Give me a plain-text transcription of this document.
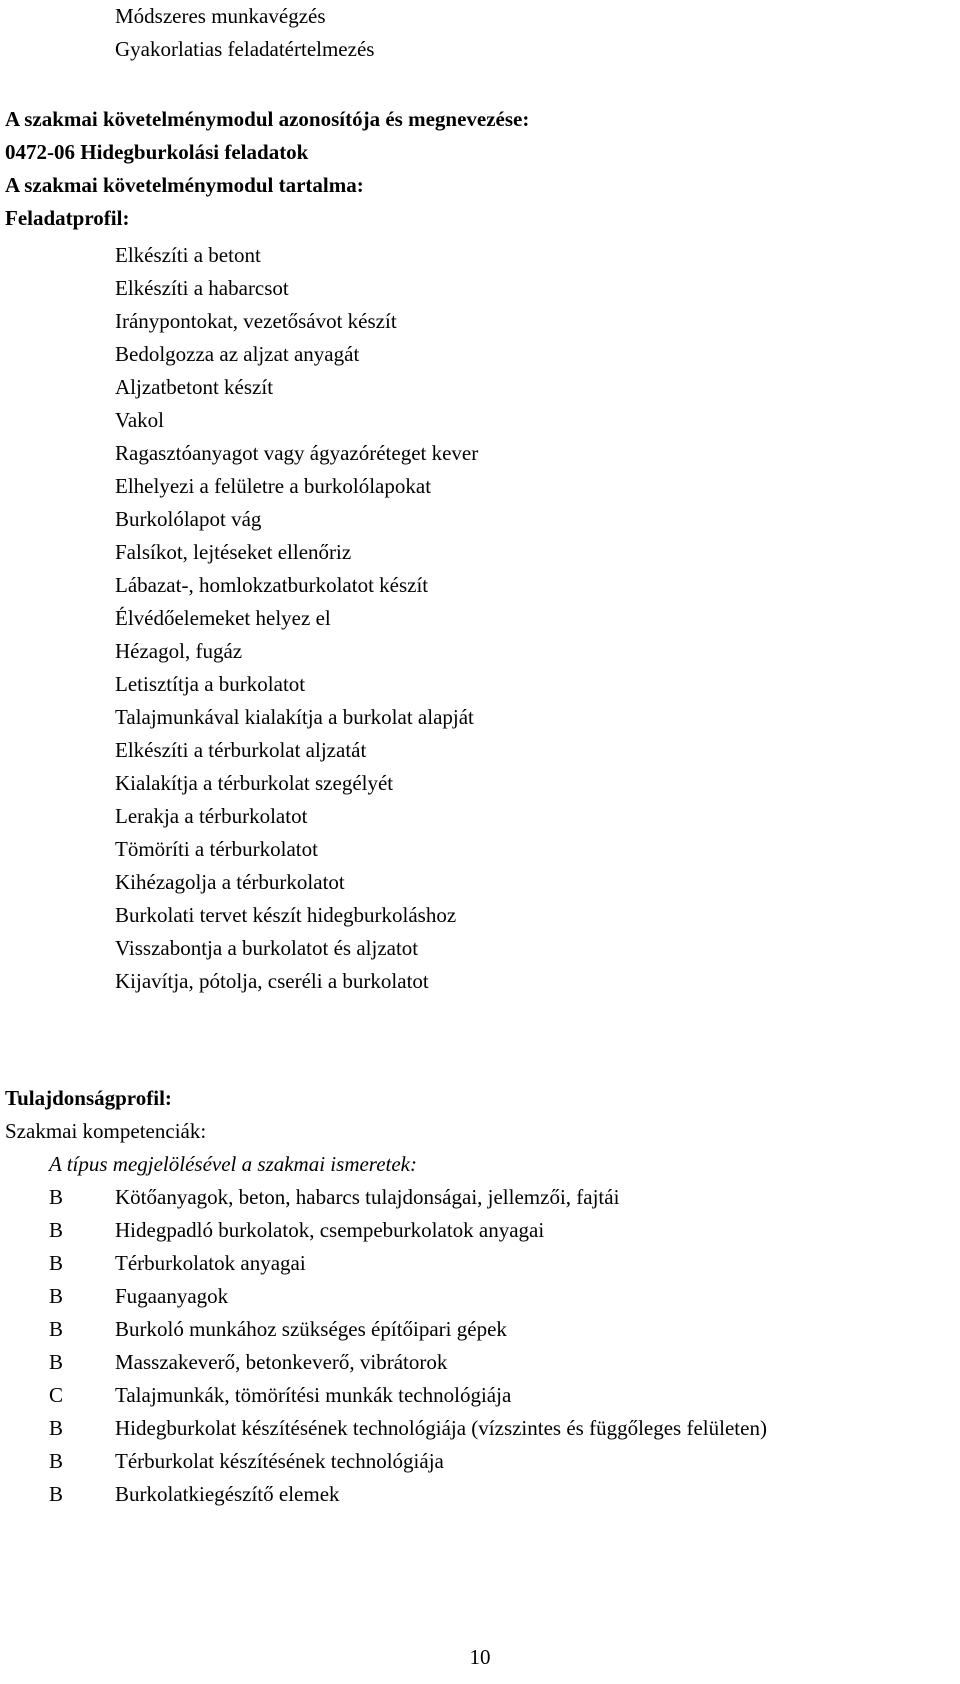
Módszeres munkavégzés
Gyakorlatias feladatértelmezés
A szakmai követelménymodul azonosítója és megnevezése:
0472-06 Hidegburkolási feladatok
A szakmai követelménymodul tartalma:
Feladatprofil:
Elkészíti a betont
Elkészíti a habarcsot
Iránypontokat, vezetősávot készít
Bedolgozza az aljzat anyagát
Aljzatbetont készít
Vakol
Ragasztóanyagot vagy ágyazóréteget kever
Elhelyezi a felületre a burkolólapokat
Burkolólapot vág
Falsíkot, lejtéseket ellenőriz
Lábazat-, homlokzatburkolatot készít
Élvédőelemeket helyez el
Hézagol, fugáz
Letisztítja a burkolatot
Talajmunkával kialakítja a burkolat alapját
Elkészíti a térburkolat aljzatát
Kialakítja a térburkolat szegélyét
Lerakja a térburkolatot
Tömöríti a térburkolatot
Kihézagolja a térburkolatot
Burkolati tervet készít hidegburkoláshoz
Visszabontja a burkolatot és aljzatot
Kijavítja, pótolja, cseréli a burkolatot
Tulajdonságprofil:
Szakmai kompetenciák:
A típus megjelölésével a szakmai ismeretek:
B	Kötőanyagok, beton, habarcs tulajdonságai, jellemzői, fajtái
B	Hidegpadló burkolatok, csempeburkolatok anyagai
B	Térburkolatok anyagai
B	Fugaanyagok
B	Burkoló munkához szükséges építőipari gépek
B	Masszakeverő, betonkeverő, vibrátorok
C	Talajmunkák, tömörítési munkák technológiája
B	Hidegburkolat készítésének technológiája (vízszintes és függőleges felületen)
B	Térburkolat készítésének technológiája
B	Burkolatkiegészítő elemek
10
